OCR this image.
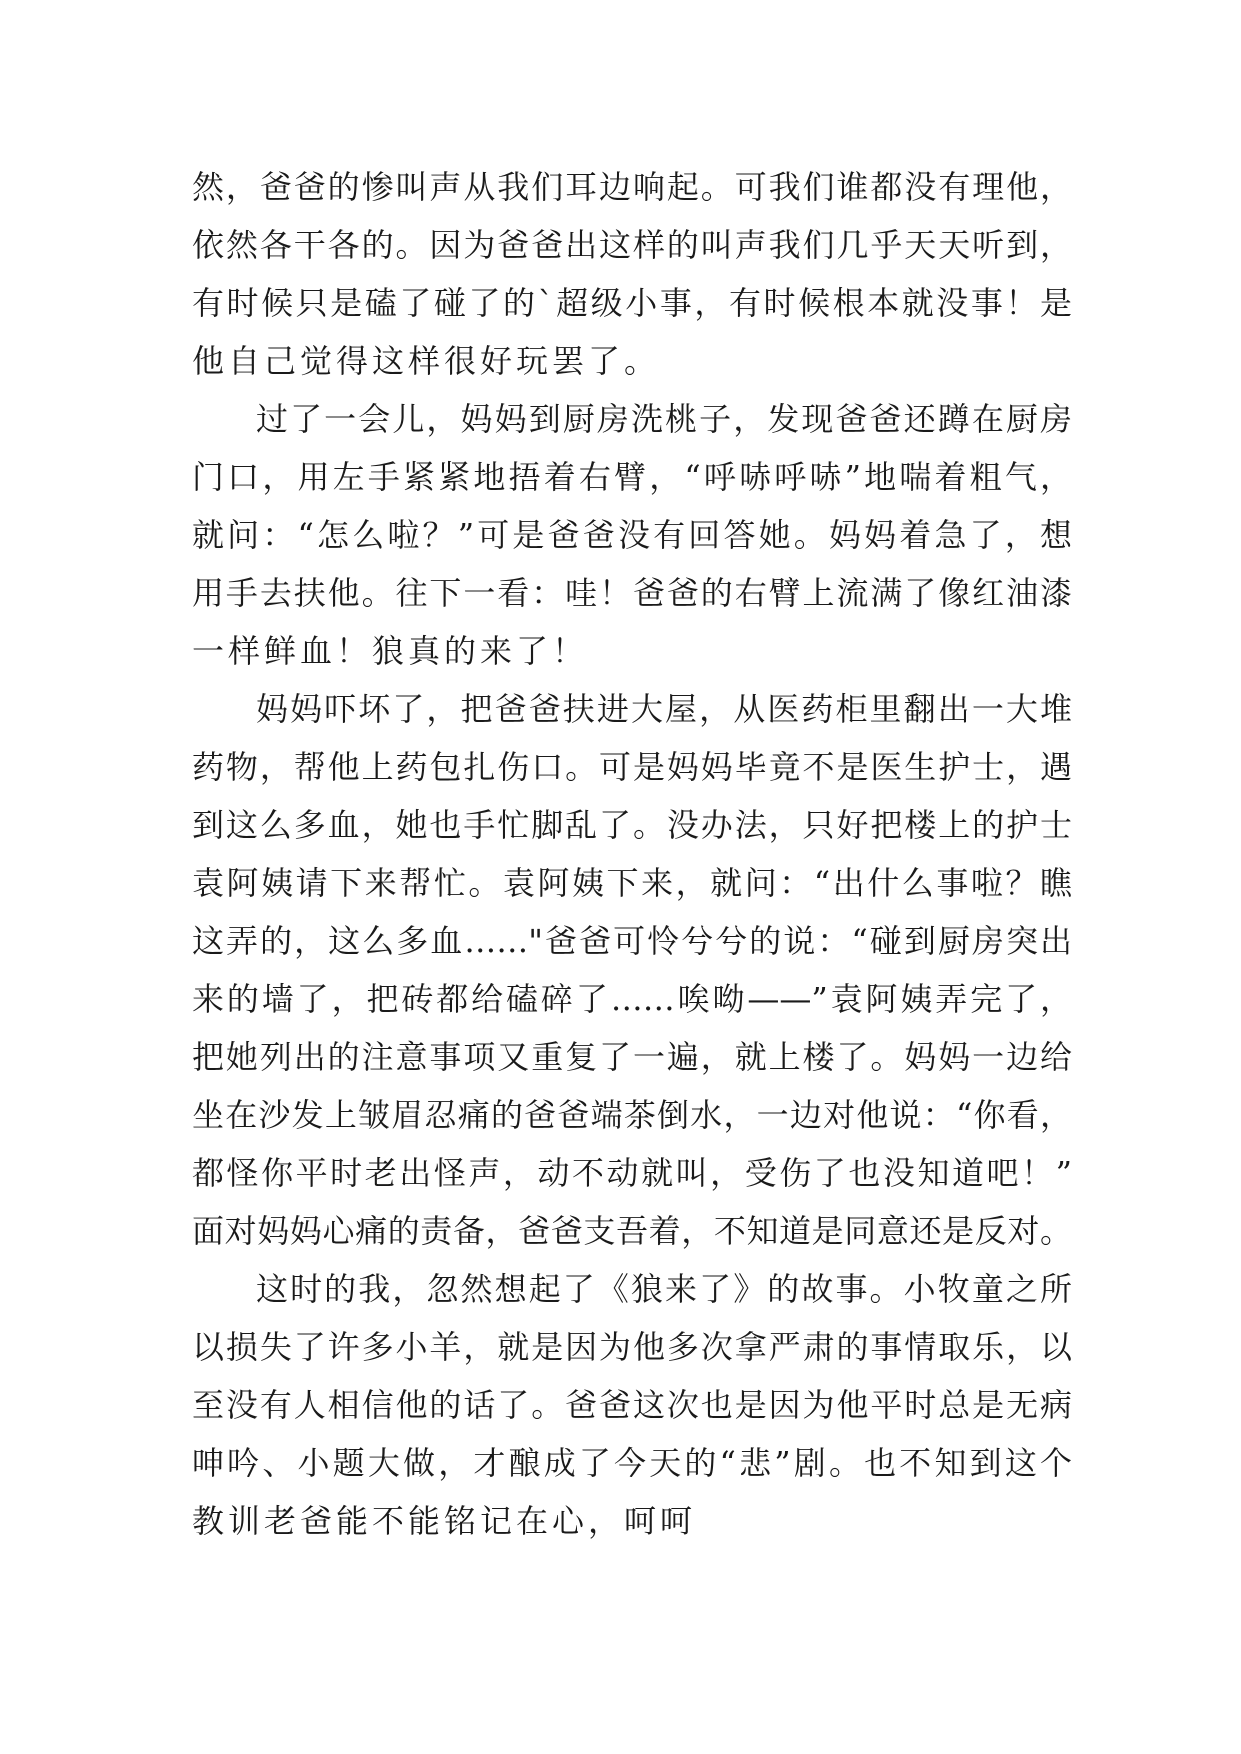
然，爸爸的惨叫声从我们耳边响起。可我们谁都没有理他，
依然各干各的。因为爸爸出这样的叫声我们几乎天天听到，
有时候只是磕了碰了的`超级小事，有时候根本就没事！是
他自己觉得这样很好玩罢了。
过了一会儿，妈妈到厨房洗桃子，发现爸爸还蹲在厨房
门口，用左手紧紧地捂着右臂，“呼哧呼哧”地喘着粗气，
就问：“怎么啦？”可是爸爸没有回答她。妈妈着急了，想
用手去扶他。往下一看：哇！爸爸的右臂上流满了像红油漆
一样鲜血！狼真的来了！
妈妈吓坏了，把爸爸扶进大屋，从医药柜里翻出一大堆
药物，帮他上药包扎伤口。可是妈妈毕竟不是医生护士，遇
到这么多血，她也手忙脚乱了。没办法，只好把楼上的护士
袁阿姨请下来帮忙。袁阿姨下来，就问：“出什么事啦？瞧
这弄的，这么多血……"爸爸可怜兮兮的说：“碰到厨房突出
来的墙了，把砖都给磕碎了……唉呦——”袁阿姨弄完了，
把她列出的注意事项又重复了一遍，就上楼了。妈妈一边给
坐在沙发上皱眉忍痛的爸爸端茶倒水，一边对他说：“你看，
都怪你平时老出怪声，动不动就叫，受伤了也没知道吧！”
面对妈妈心痛的责备，爸爸支吾着，不知道是同意还是反对。
这时的我，忽然想起了《狼来了》的故事。小牧童之所
以损失了许多小羊，就是因为他多次拿严肃的事情取乐，以
至没有人相信他的话了。爸爸这次也是因为他平时总是无病
呻吟、小题大做，才酿成了今天的“悲”剧。也不知到这个
教训老爸能不能铭记在心，呵呵
